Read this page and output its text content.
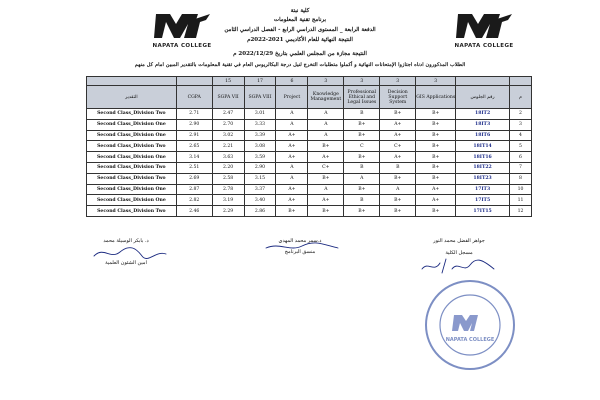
NAPATA COLLEGE	NAPATA COLLEGE
كلية نبتة
برنامج تقنية المعلومات
الدفعة الرابعة _ المستوى الدراسي الرابع - الفصل الدراسي الثامن
النتيجة النهائية للعام الأكاديمي 2021-2022م
النتيجة مجازة من المجلس العلمي بتاريخ 2022/12/29 م
الطلاب المذكورون ادناه اجتازوا الإمتحانات النهائية و أكملوا متطلبات التخرج لنيل درجة البكالريوس العام في تقنية المعلومات بالتقدير المبين امام كل منهم
		15	17	6	3	3	3	3		
التقدير	CGPA	SGPA VII	SGPA VIII	Project	Knowledge Management	Professional Ethical and Legal Issues	Decision Support System	GIS Applications	رقم الجلوس	م
Second Class_Division Two	2.71	2.47	3.01	A	A	B	B+	B+	18IT2	2
Second Class_Division One	2.90	2.70	3.33	A	A	B+	A+	B+	18IT3	3
Second Class_Division One	2.91	3.02	3.39	A+	A	B+	A+	B+	18IT6	4
Second Class_Division Two	2.65	2.21	3.08	A+	B+	C	C+	B+	18IT14	5
Second Class_Division One	3.14	3.63	3.59	A+	A+	B+	A+	B+	18IT16	6
Second Class_Division Two	2.51	2.20	2.90	A	C+	B	B	B+	18IT22	7
Second Class_Division Two	2.69	2.58	3.15	A	B+	A	B+	B+	18IT23	8
Second Class_Division One	2.87	2.78	3.37	A+	A	B+	A	A+	17IT3	10
Second Class_Division One	2.82	3.19	3.40	A+	A+	B	B+	A+	17IT5	11
Second Class_Division Two	2.46	2.29	2.86	B+	B+	B+	B+	B+	17IT15	12
د. بابكر الوسيلة محمد
امين الشئون العلمية
د.سمر محمد المهدي
منسق البرنامج
جواهر الفضل محمد النور
مسجل الكلية
NAPATA COLLEGE
